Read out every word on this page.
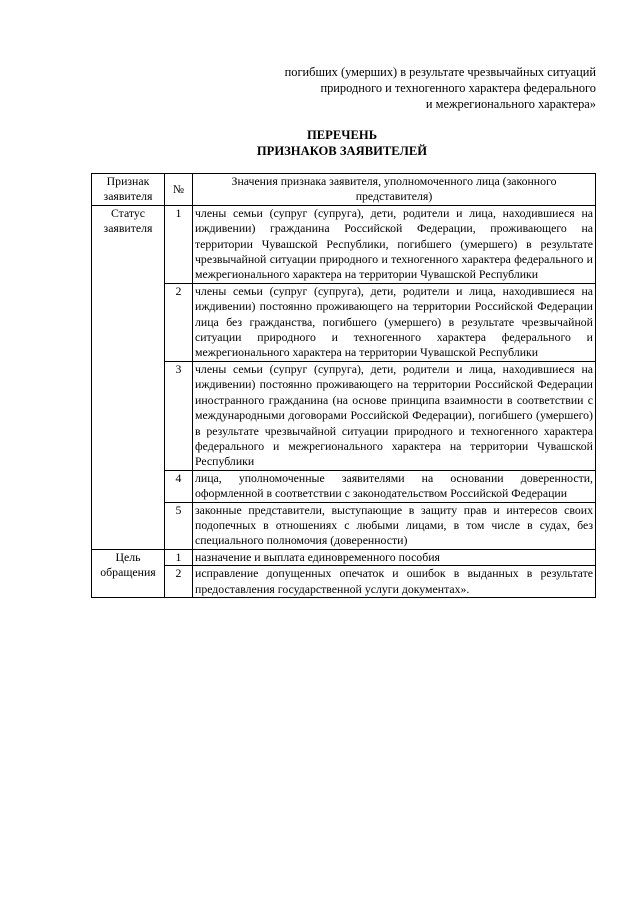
погибших (умерших) в результате чрезвычайных ситуаций
природного и техногенного характера федерального
и межрегионального характера»
ПЕРЕЧЕНЬ
ПРИЗНАКОВ ЗАЯВИТЕЛЕЙ
Признак заявителя	№	Значения признака заявителя, уполномоченного лица (законного представителя)
Статус заявителя	1	члены семьи (супруг (супруга), дети, родители и лица, находившиеся на иждивении) гражданина Российской Федерации, проживающего на территории Чувашской Республики, погибшего (умершего) в результате чрезвычайной ситуации природного и техногенного характера федерального и межрегионального характера на территории Чувашской Республики
	2	члены семьи (супруг (супруга), дети, родители и лица, находившиеся на иждивении) постоянно проживающего на территории Российской Федерации лица без гражданства, погибшего (умершего) в результате чрезвычайной ситуации природного и техногенного характера федерального и межрегионального характера на территории Чувашской Республики
	3	члены семьи (супруг (супруга), дети, родители и лица, находившиеся на иждивении) постоянно проживающего на территории Российской Федерации иностранного гражданина (на основе принципа взаимности в соответствии с международными договорами Российской Федерации), погибшего (умершего) в результате чрезвычайной ситуации природного и техногенного характера федерального и межрегионального характера на территории Чувашской Республики
	4	лица, уполномоченные заявителями на основании доверенности, оформленной в соответствии с законодательством Российской Федерации
	5	законные представители, выступающие в защиту прав и интересов своих подопечных в отношениях с любыми лицами, в том числе в судах, без специального полномочия (доверенности)
Цель обращения	1	назначение и выплата единовременного пособия
	2	исправление допущенных опечаток и ошибок в выданных в результате предоставления государственной услуги документах».
